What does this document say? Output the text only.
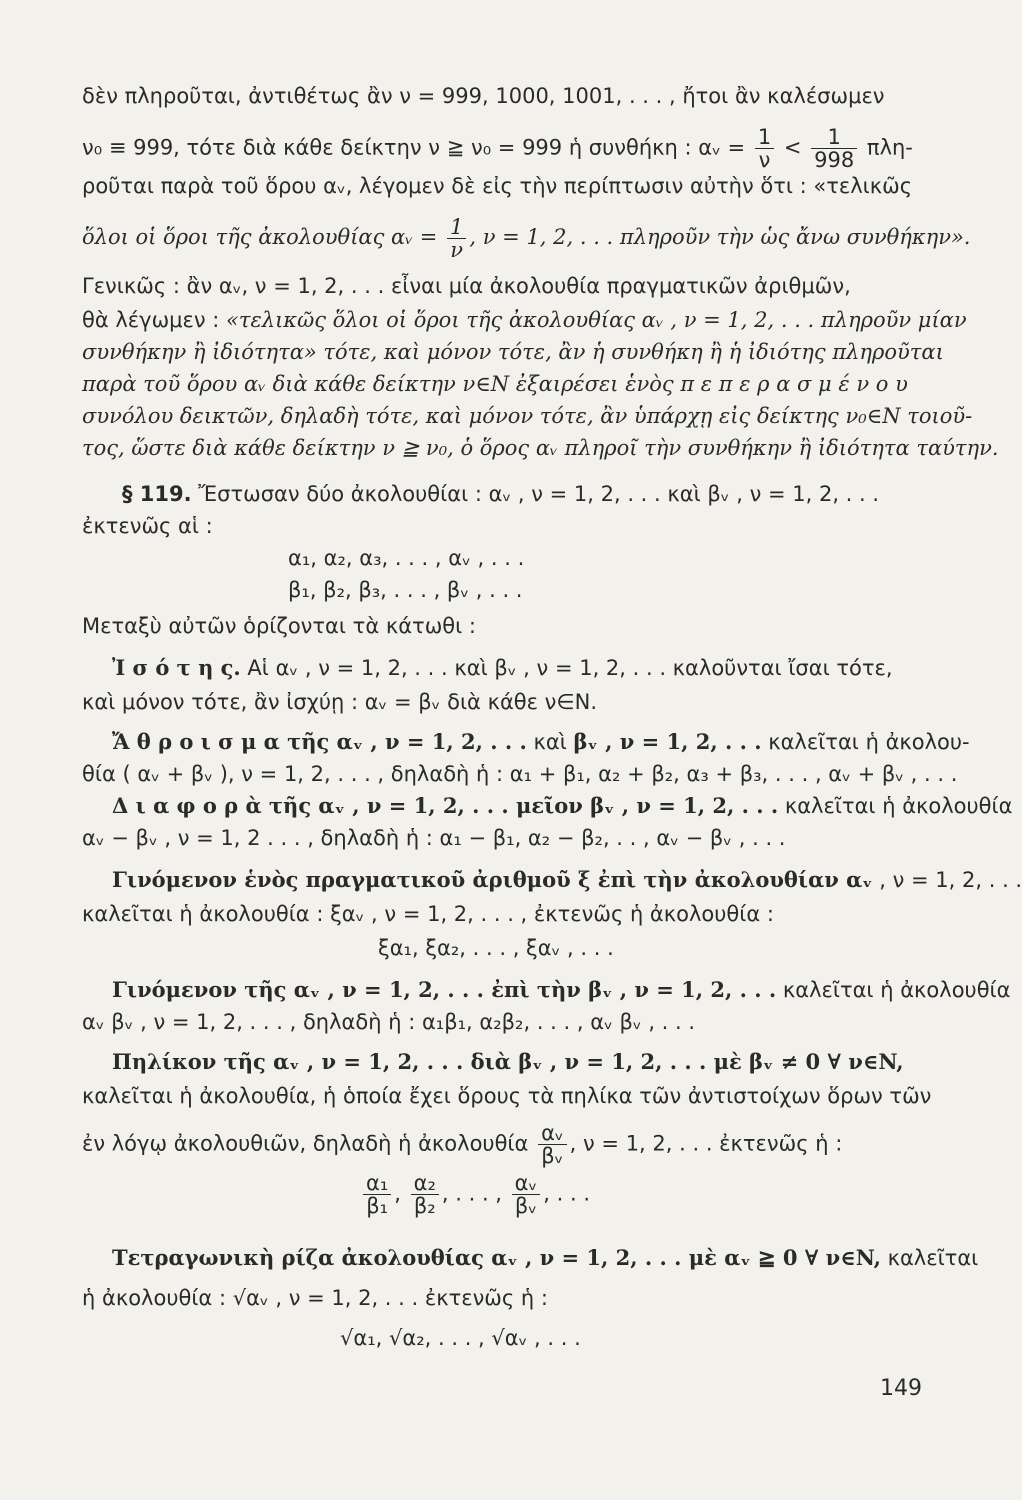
δὲν πληροῦται, ἀντιθέτως ἂν ν = 999, 1000, 1001, . . . , ἤτοι ἂν καλέσωμεν
ν₀ ≡ 999, τότε διὰ κάθε δείκτην ν ≧ ν₀ = 999 ἡ συνθήκη : αᵥ = $\frac{1}{\nu} < \frac{1}{998} \pi\lambda\eta-$
ροῦται παρὰ τοῦ ὅρου αᵥ, λέγομεν δὲ εἰς τὴν περίπτωσιν αὐτὴν ὅτι : «τελικῶς
ὅλοι οἱ ὅροι τῆς ἀκολουθίας αᵥ = $\frac{1}{\nu}$ , ν = 1, 2, . . . πληροῦν τὴν ὡς ἄνω συνθήκην».
Γενικῶς : ἂν αᵥ, ν = 1, 2, . . . εἶναι μία ἀκολουθία πραγματικῶν ἀριθμῶν,
θὰ λέγωμεν : «τελικῶς ὅλοι οἱ ὅροι τῆς ἀκολουθίας αᵥ , ν = 1, 2, . . . πληροῦν μίαν
συνθήκην ἢ ἰδιότητα» τότε, καὶ μόνον τότε, ἂν ἡ συνθήκη ἢ ἡ ἰδιότης πληροῦται
παρὰ τοῦ ὅρου αᵥ διὰ κάθε δείκτην ν∈N ἐξαιρέσει ἑνὸς π ε π ε ρ α σ μ έ ν ο υ
συνόλου δεικτῶν, δηλαδὴ τότε, καὶ μόνον τότε, ἂν ὑπάρχῃ εἰς δείκτης ν₀∈N τοιοῦ-
τος, ὥστε διὰ κάθε δείκτην ν ≧ ν₀, ὁ ὅρος αᵥ πληροῖ τὴν συνθήκην ἢ ἰδιότητα ταύτην.
§ 119. Ἔστωσαν δύο ἀκολουθίαι : αᵥ , ν = 1, 2, . . . καὶ βᵥ , ν = 1, 2, . . .
ἐκτενῶς αἱ :
α₁, α₂, α₃, . . . , αᵥ , . . .
β₁, β₂, β₃, . . . , βᵥ , . . .
Μεταξὺ αὐτῶν ὁρίζονται τὰ κάτωθι :
Ἰ σ ό τ η ς. Αἱ αᵥ , ν = 1, 2, . . . καὶ βᵥ , ν = 1, 2, . . . καλοῦνται ἴσαι τότε,
καὶ μόνον τότε, ἂν ἰσχύῃ : αᵥ = βᵥ διὰ κάθε ν∈N.
Ἄ θ ρ ο ι σ μ α τῆς αᵥ , ν = 1, 2, . . . καὶ βᵥ , ν = 1, 2, . . . καλεῖται ἡ ἀκολου-
θία ( αᵥ + βᵥ ), ν = 1, 2, . . . , δηλαδὴ ἡ : α₁ + β₁, α₂ + β₂, α₃ + β₃, . . . , αᵥ + βᵥ , . . .
Δ ι α φ ο ρ ὰ τῆς αᵥ , ν = 1, 2, . . . μεῖον βᵥ , ν = 1, 2, . . . καλεῖται ἡ ἀκολουθία
αᵥ − βᵥ , ν = 1, 2 . . . , δηλαδὴ ἡ : α₁ − β₁, α₂ − β₂, . . , αᵥ − βᵥ , . . .
Γινόμενον ἑνὸς πραγματικοῦ ἀριθμοῦ ξ ἐπὶ τὴν ἀκολουθίαν αᵥ , ν = 1, 2, . . .
καλεῖται ἡ ἀκολουθία : ξαᵥ , ν = 1, 2, . . . , ἐκτενῶς ἡ ἀκολουθία :
ξα₁, ξα₂, . . . , ξαᵥ , . . .
Γινόμενον τῆς αᵥ , ν = 1, 2, . . . ἐπὶ τὴν βᵥ , ν = 1, 2, . . . καλεῖται ἡ ἀκολουθία
αᵥ βᵥ , ν = 1, 2, . . . , δηλαδὴ ἡ : α₁β₁, α₂β₂, . . . , αᵥ βᵥ , . . .
Πηλίκον τῆς αᵥ , ν = 1, 2, . . . διὰ βᵥ , ν = 1, 2, . . . μὲ βᵥ ≠ 0 ∀ ν∈N,
καλεῖται ἡ ἀκολουθία, ἡ ὁποία ἔχει ὅρους τὰ πηλίκα τῶν ἀντιστοίχων ὅρων τῶν
ἐν λόγῳ ἀκολουθιῶν, δηλαδὴ ἡ ἀκολουθία $\frac{\text{αᵥ}}{\text{βᵥ}}$ , ν = 1, 2, . . . ἐκτενῶς ἡ :
$\frac{\text{α₁}}{\text{β₁}}$ , $\frac{\text{α₂}}{\text{β₂}}$ , . . . , $\frac{\text{αᵥ}}{\text{βᵥ}}$ , . . .
Τετραγωνικὴ ρίζα ἀκολουθίας αᵥ , ν = 1, 2, . . . μὲ αᵥ ≧ 0 ∀ ν∈N, καλεῖται
ἡ ἀκολουθία : √αᵥ , ν = 1, 2, . . . ἐκτενῶς ἡ :
√α₁, √α₂, . . . , √αᵥ , . . .
149
